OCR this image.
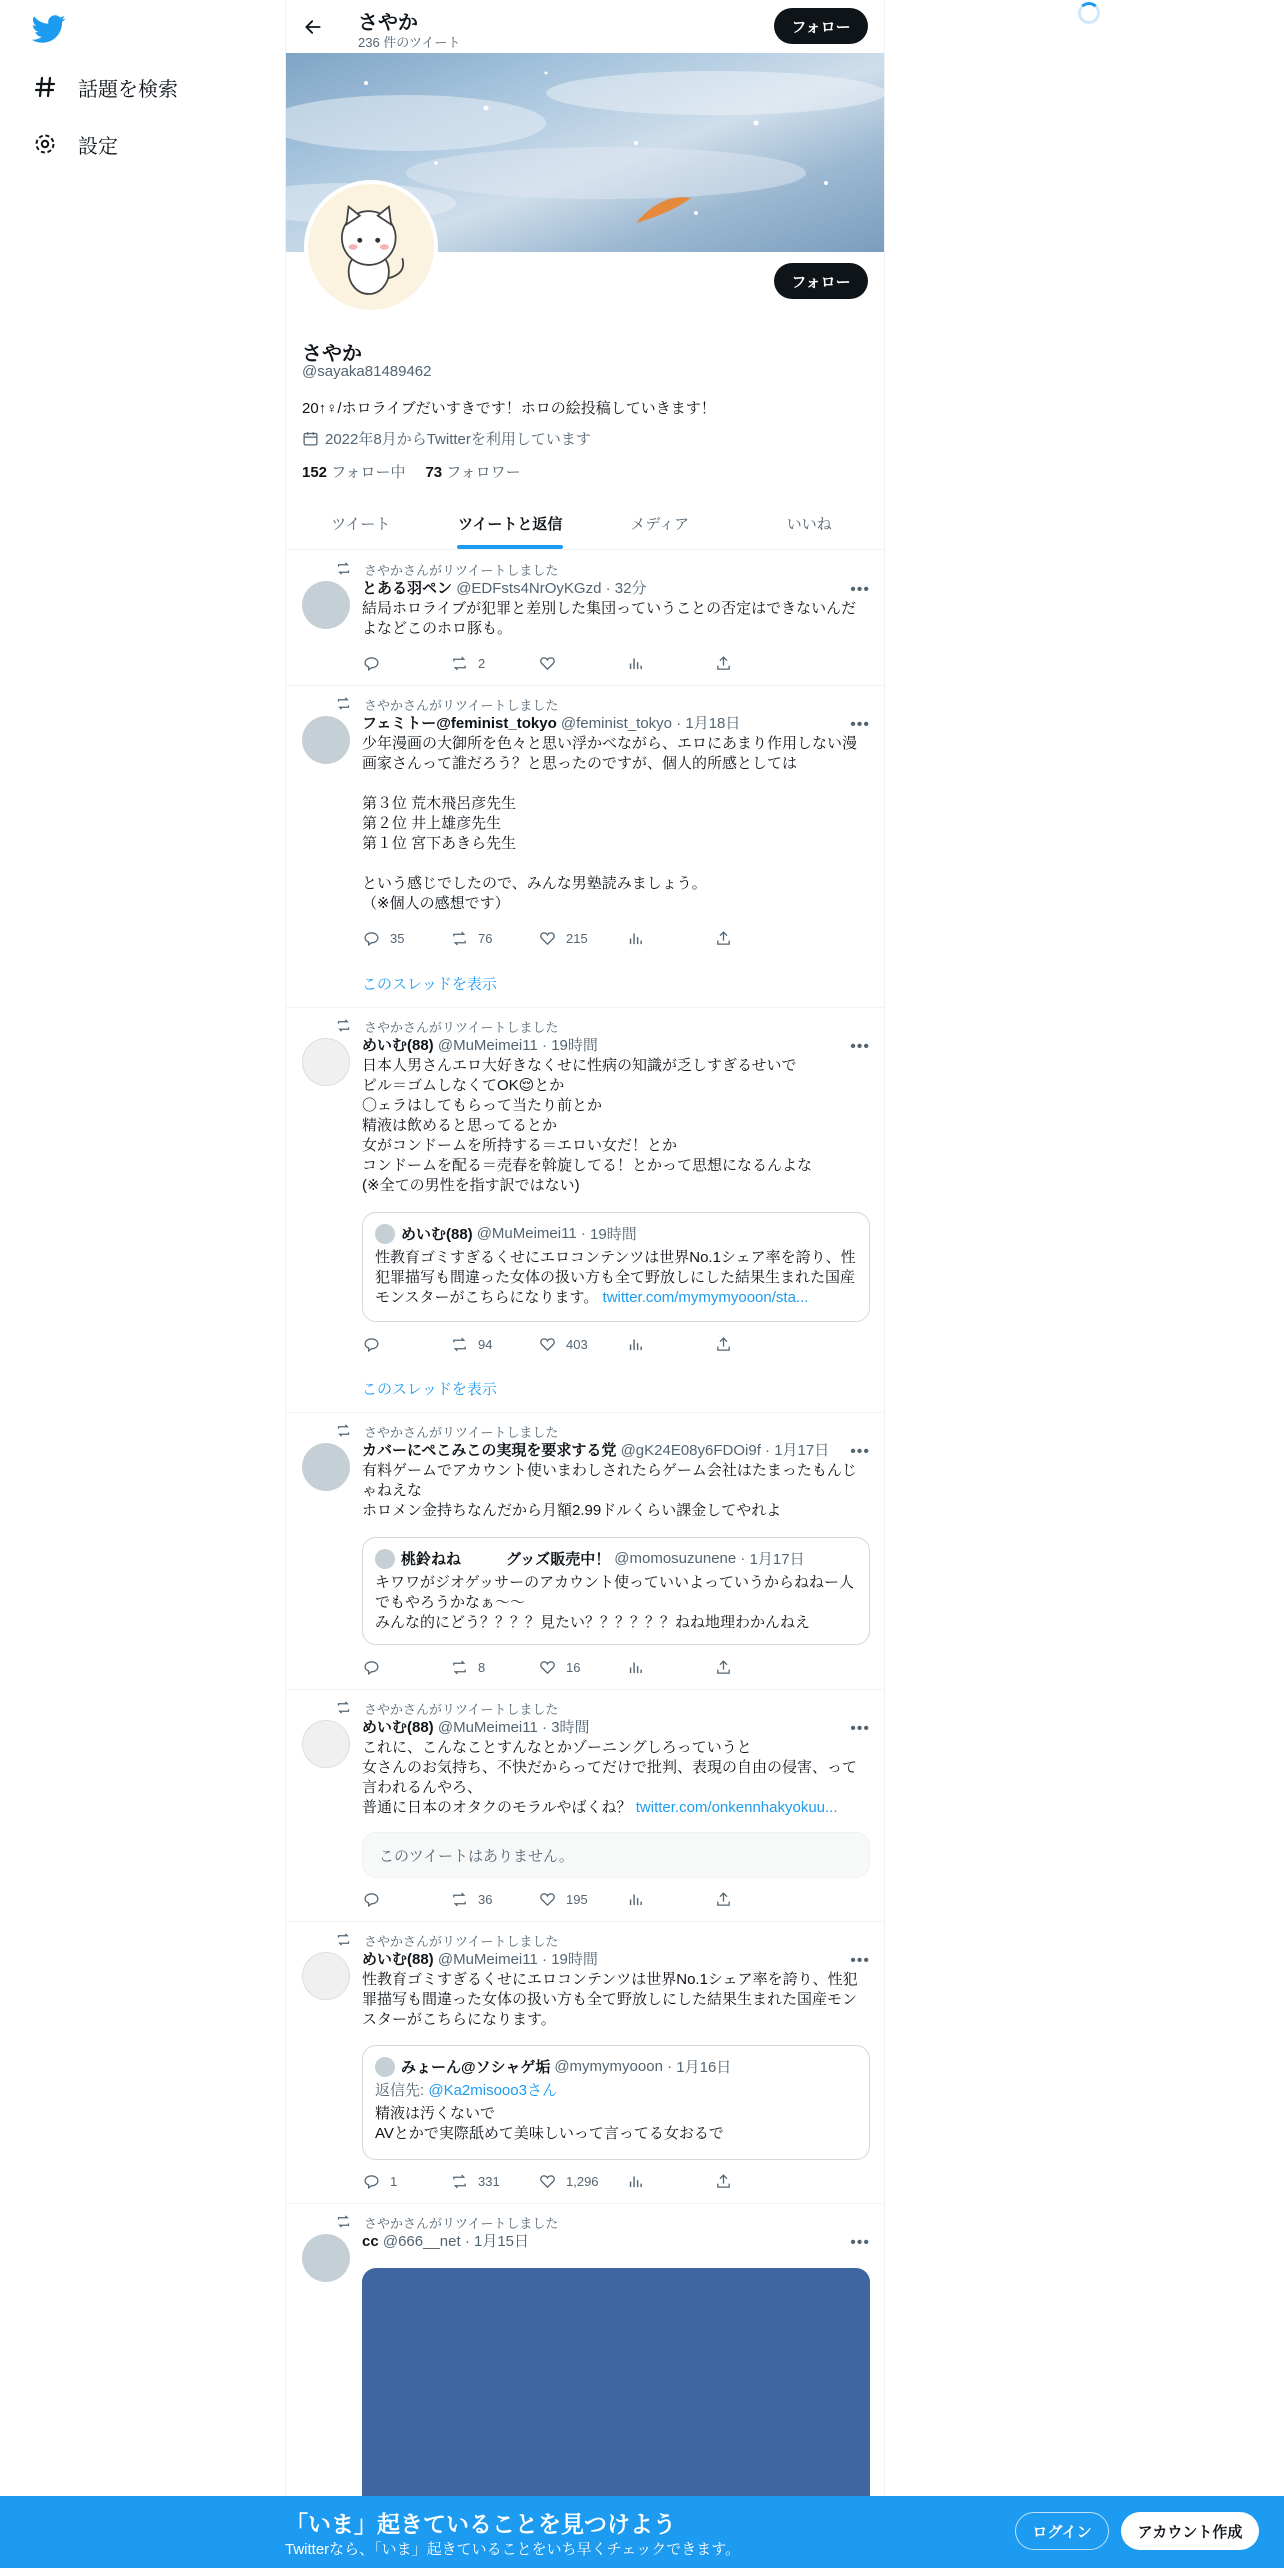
話題を検索
設定
さやか
236 件のツイート
フォロー
フォロー
さやか
@sayaka81489462
20↑♀/ホロライブだいすきです！ホロの絵投稿していきます！
2022年8月からTwitterを利用しています
152 フォロー中 73 フォロワー
ツイート	ツイートと返信	メディア	いいね
さやかさんがリツイートしました
•••
とある羽ペン @EDFsts4NrOyKGzd · 32分
結局ホロライブが犯罪と差別した集団っていうことの否定はできないんだよなどこのホロ豚も。
2
さやかさんがリツイートしました
•••
フェミトー@feminist_tokyo @feminist_tokyo · 1月18日
少年漫画の大御所を色々と思い浮かべながら、エロにあまり作用しない漫画家さんって誰だろう？と思ったのですが、個人的所感としては

第３位 荒木飛呂彦先生
第２位 井上雄彦先生
第１位 宮下あきら先生

という感じでしたので、みんな男塾読みましょう。
（※個人の感想です）
35	76	215
このスレッドを表示
さやかさんがリツイートしました
•••
めいむ(88) @MuMeimei11 · 19時間
日本人男さんエロ大好きなくせに性病の知識が乏しすぎるせいで
ピル＝ゴムしなくてOK😌とか
〇ェラはしてもらって当たり前とか
精液は飲めると思ってるとか
女がコンドームを所持する＝エロい女だ！とか
コンドームを配る＝売春を斡旋してる！とかって思想になるんよな
(※全ての男性を指す訳ではない)
めいむ(88) @MuMeimei11 · 19時間
性教育ゴミすぎるくせにエロコンテンツは世界No.1シェア率を誇り、性犯罪描写も間違った女体の扱い方も全て野放しにした結果生まれた国産モンスターがこちらになります。 twitter.com/mymymyooon/sta...
94	403
このスレッドを表示
さやかさんがリツイートしました
•••
カバーにぺこみこの実現を要求する党 @gK24E08y6FDOi9f · 1月17日
有料ゲームでアカウント使いまわしされたらゲーム会社はたまったもんじゃねえな
ホロメン金持ちなんだから月額2.99ドルくらい課金してやれよ
桃鈴ねね　　　グッズ販売中！ @momosuzunene · 1月17日
キワワがジオゲッサーのアカウント使っていいよっていうからねねー人でもやろうかなぁ～～
みんな的にどう？？？？見たい？？？？？？ねね地理わかんねえ
8	16
さやかさんがリツイートしました
•••
めいむ(88) @MuMeimei11 · 3時間
これに、こんなことすんなとかゾーニングしろっていうと
女さんのお気持ち、不快だからってだけで批判、表現の自由の侵害、って言われるんやろ、
普通に日本のオタクのモラルやばくね？ twitter.com/onkennhakyokuu...
このツイートはありません。
36	195
さやかさんがリツイートしました
•••
めいむ(88) @MuMeimei11 · 19時間
性教育ゴミすぎるくせにエロコンテンツは世界No.1シェア率を誇り、性犯罪描写も間違った女体の扱い方も全て野放しにした結果生まれた国産モンスターがこちらになります。
みょーん@ソシャゲ垢 @mymymyooon · 1月16日
返信先: @Ka2misooo3さん
精液は汚くないで
AVとかで実際舐めて美味しいって言ってる女おるで
1	331	1,296
さやかさんがリツイートしました
•••
cc @666__net · 1月15日
「いま」起きていることを見つけよう
Twitterなら、「いま」起きていることをいち早くチェックできます。
ログイン	アカウント作成
